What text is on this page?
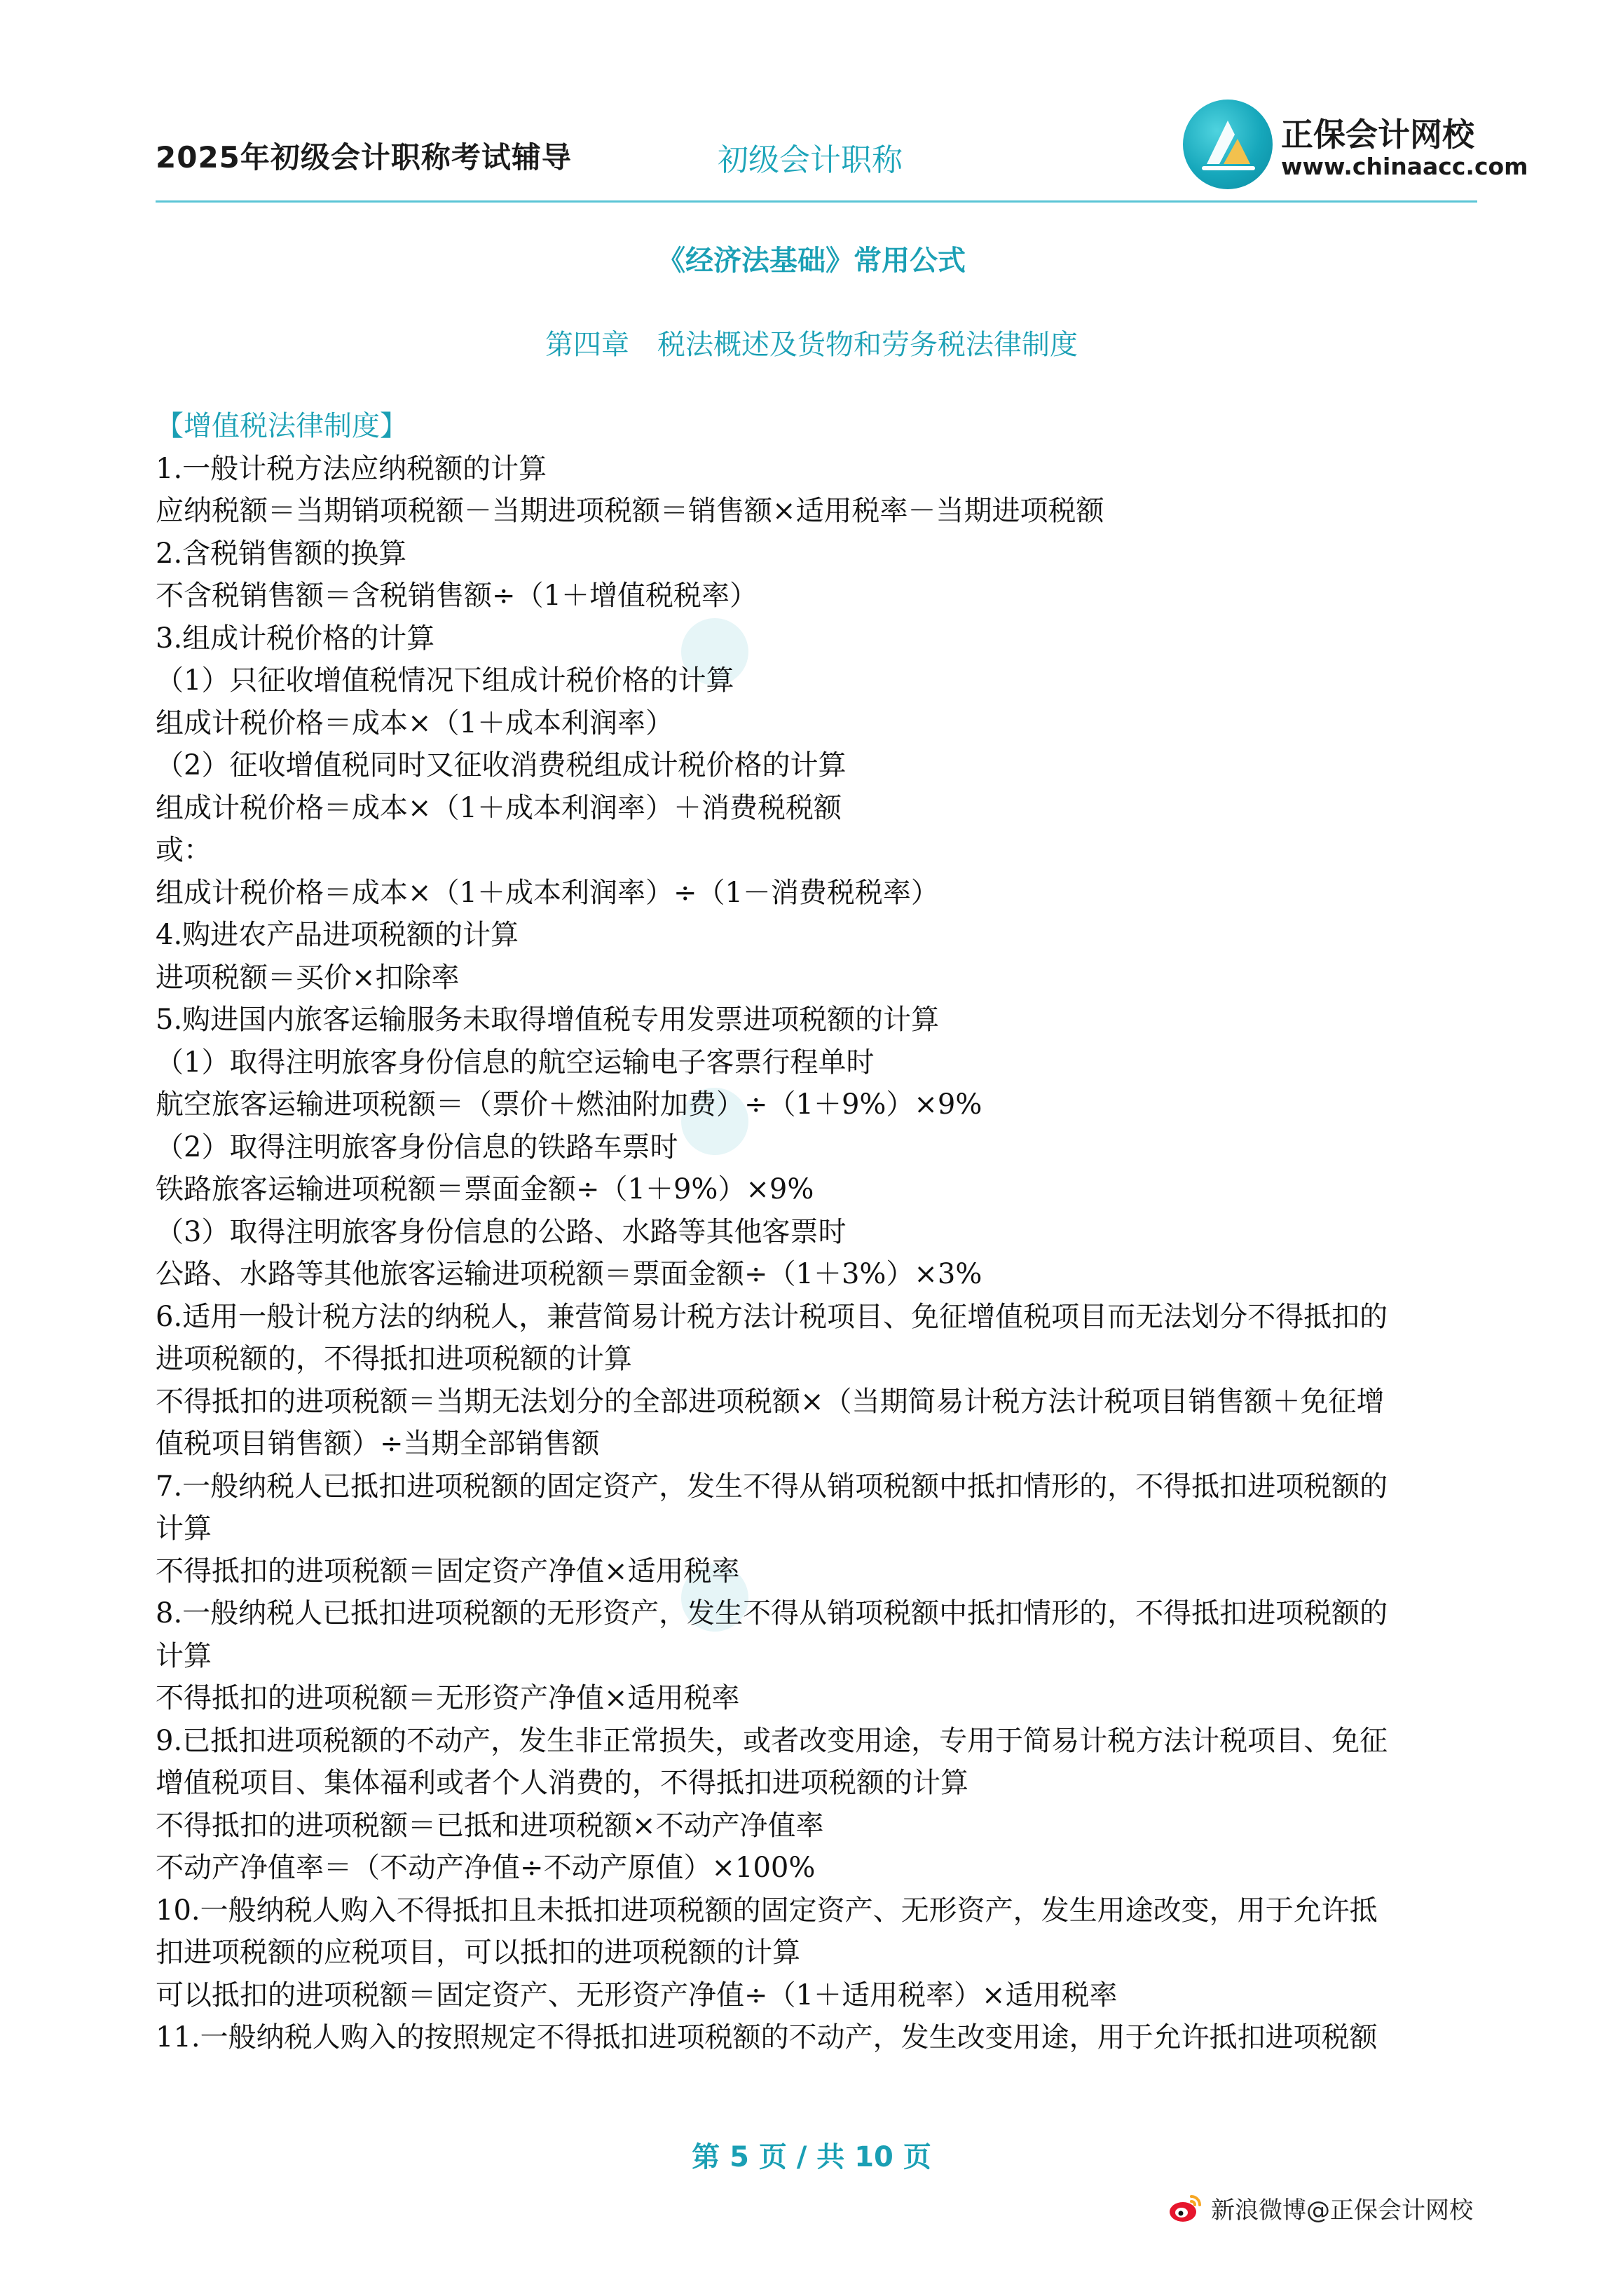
2025年初级会计职称考试辅导	初级会计职称
正保会计网校
www.chinaacc.com
《经济法基础》常用公式
第四章　税法概述及货物和劳务税法律制度
【增值税法律制度】
1.一般计税方法应纳税额的计算
应纳税额＝当期销项税额－当期进项税额＝销售额×适用税率－当期进项税额
2.含税销售额的换算
不含税销售额＝含税销售额÷（1＋增值税税率）
3.组成计税价格的计算
（1）只征收增值税情况下组成计税价格的计算
组成计税价格＝成本×（1＋成本利润率）
（2）征收增值税同时又征收消费税组成计税价格的计算
组成计税价格＝成本×（1＋成本利润率）＋消费税税额
或：
组成计税价格＝成本×（1＋成本利润率）÷（1－消费税税率）
4.购进农产品进项税额的计算
进项税额＝买价×扣除率
5.购进国内旅客运输服务未取得增值税专用发票进项税额的计算
（1）取得注明旅客身份信息的航空运输电子客票行程单时
航空旅客运输进项税额＝（票价＋燃油附加费）÷（1＋9%）×9%
（2）取得注明旅客身份信息的铁路车票时
铁路旅客运输进项税额＝票面金额÷（1＋9%）×9%
（3）取得注明旅客身份信息的公路、水路等其他客票时
公路、水路等其他旅客运输进项税额＝票面金额÷（1＋3%）×3%
6.适用一般计税方法的纳税人，兼营简易计税方法计税项目、免征增值税项目而无法划分不得抵扣的
进项税额的，不得抵扣进项税额的计算
不得抵扣的进项税额＝当期无法划分的全部进项税额×（当期简易计税方法计税项目销售额＋免征增
值税项目销售额）÷当期全部销售额
7.一般纳税人已抵扣进项税额的固定资产，发生不得从销项税额中抵扣情形的，不得抵扣进项税额的
计算
不得抵扣的进项税额＝固定资产净值×适用税率
8.一般纳税人已抵扣进项税额的无形资产，发生不得从销项税额中抵扣情形的，不得抵扣进项税额的
计算
不得抵扣的进项税额＝无形资产净值×适用税率
9.已抵扣进项税额的不动产，发生非正常损失，或者改变用途，专用于简易计税方法计税项目、免征
增值税项目、集体福利或者个人消费的，不得抵扣进项税额的计算
不得抵扣的进项税额＝已抵和进项税额×不动产净值率
不动产净值率＝（不动产净值÷不动产原值）×100%
10.一般纳税人购入不得抵扣且未抵扣进项税额的固定资产、无形资产，发生用途改变，用于允许抵
扣进项税额的应税项目，可以抵扣的进项税额的计算
可以抵扣的进项税额＝固定资产、无形资产净值÷（1＋适用税率）×适用税率
11.一般纳税人购入的按照规定不得抵扣进项税额的不动产，发生改变用途，用于允许抵扣进项税额
第 5 页 / 共 10 页
新浪微博@正保会计网校
